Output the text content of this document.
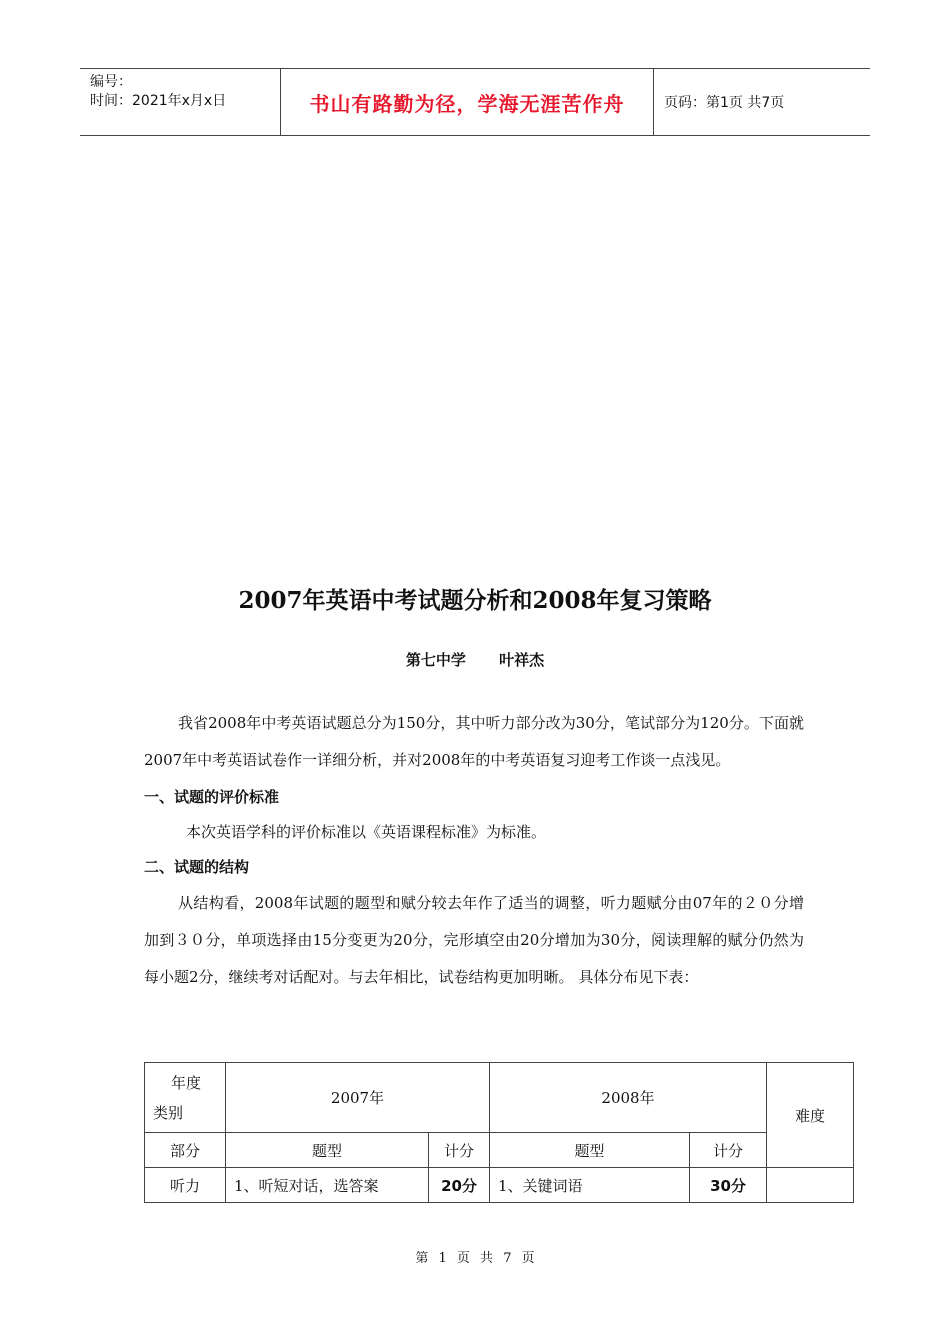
编号：
时间：2021年x月x日	书山有路勤为径，学海无涯苦作舟	页码：第1页 共7页
2007年英语中考试题分析和2008年复习策略
第七中学 叶祥杰

我省2008年中考英语试题总分为150分，其中听力部分改为30分，笔试部分为120分。下面就2007年中考英语试卷作一详细分析，并对2008年的中考英语复习迎考工作谈一点浅见。

一、试题的评价标准

本次英语学科的评价标准以《英语课程标准》为标准。

二、试题的结构

从结构看，2008年试题的题型和赋分较去年作了适当的调整，听力题赋分由07年的２０分增加到３０分，单项选择由15分变更为20分，完形填空由20分增加为30分，阅读理解的赋分仍然为每小题2分，继续考对话配对。与去年相比，试卷结构更加明晰。 具体分布见下表：

年度
类别	2007年		2008年		难度
部分	题型	计分	题型	计分	
听力	1、听短对话，选答案	20分	1、关键词语	30分	
第 1 页 共 7 页
